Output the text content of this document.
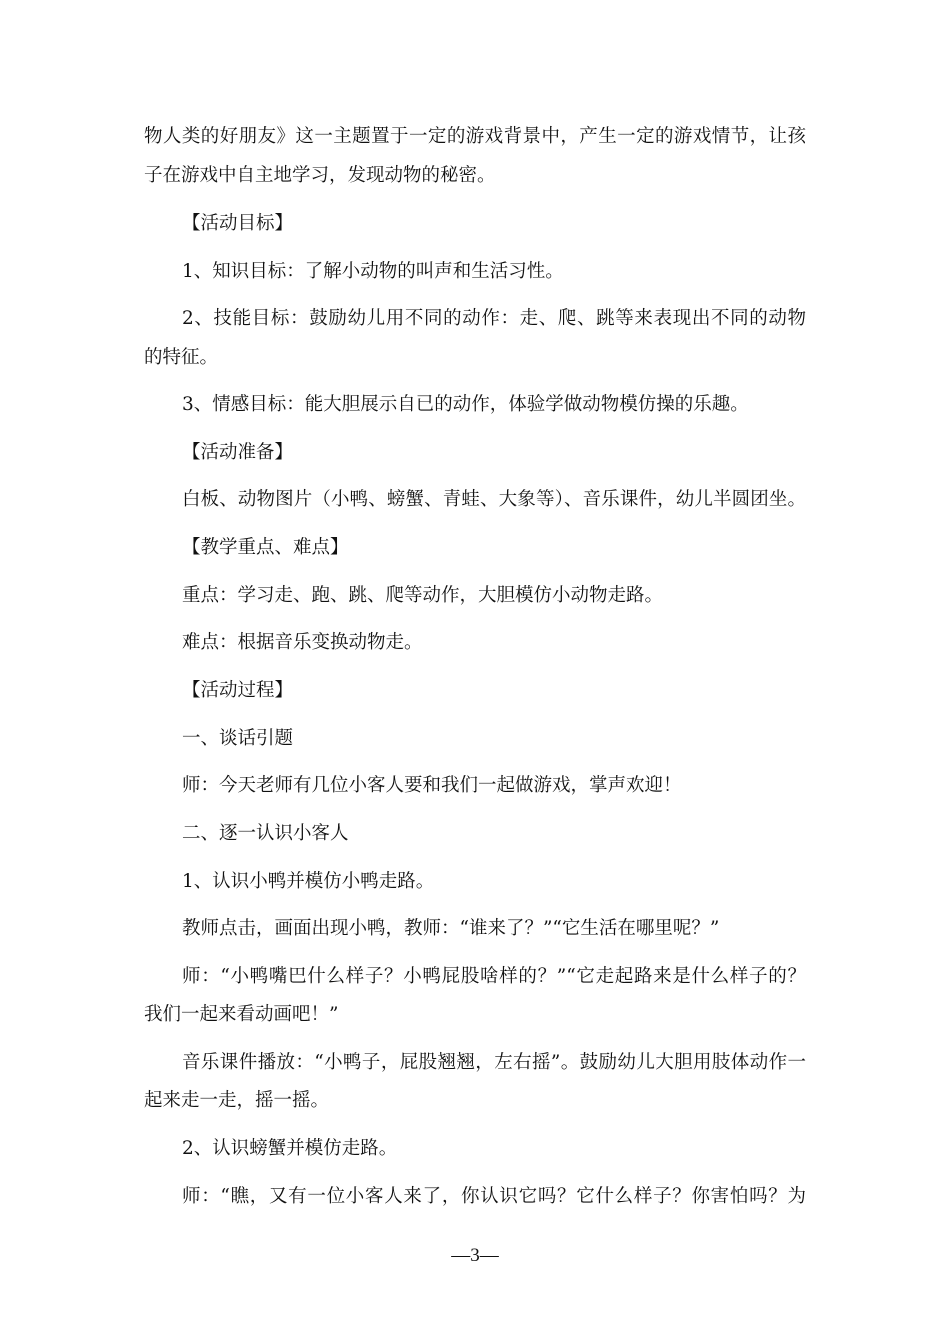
物人类的好朋友》这一主题置于一定的游戏背景中，产生一定的游戏情节，让孩
子在游戏中自主地学习，发现动物的秘密。
【活动目标】
1、知识目标：了解小动物的叫声和生活习性。
2、技能目标：鼓励幼儿用不同的动作：走、爬、跳等来表现出不同的动物
的特征。
3、情感目标：能大胆展示自已的动作，体验学做动物模仿操的乐趣。
【活动准备】
白板、动物图片（小鸭、螃蟹、青蛙、大象等）、音乐课件，幼儿半圆团坐。
【教学重点、难点】
重点：学习走、跑、跳、爬等动作，大胆模仿小动物走路。
难点：根据音乐变换动物走。
【活动过程】
一、谈话引题
师：今天老师有几位小客人要和我们一起做游戏，掌声欢迎！
二、逐一认识小客人
1、认识小鸭并模仿小鸭走路。
教师点击，画面出现小鸭，教师：“谁来了？”“它生活在哪里呢？”
师：“小鸭嘴巴什么样子？小鸭屁股啥样的？”“它走起路来是什么样子的？
我们一起来看动画吧！”
音乐课件播放：“小鸭子，屁股翘翘，左右摇”。鼓励幼儿大胆用肢体动作一
起来走一走，摇一摇。
2、认识螃蟹并模仿走路。
师：“瞧，又有一位小客人来了，你认识它吗？它什么样子？你害怕吗？为
—3—
